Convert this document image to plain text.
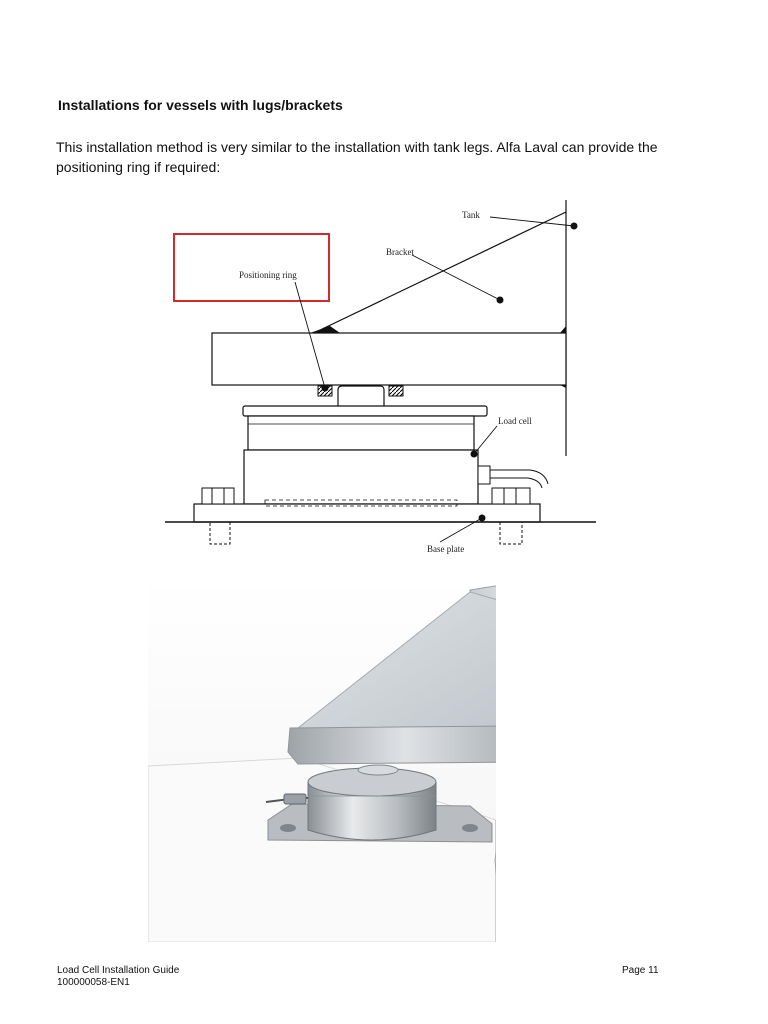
Installations for vessels with lugs/brackets

This installation method is very similar to the installation with tank legs. Alfa Laval can provide the
positioning ring if required:

Tank
Bracket
Positioning ring
Load cell
Base plate
Load Cell Installation Guide
100000058-EN1
Page 11
